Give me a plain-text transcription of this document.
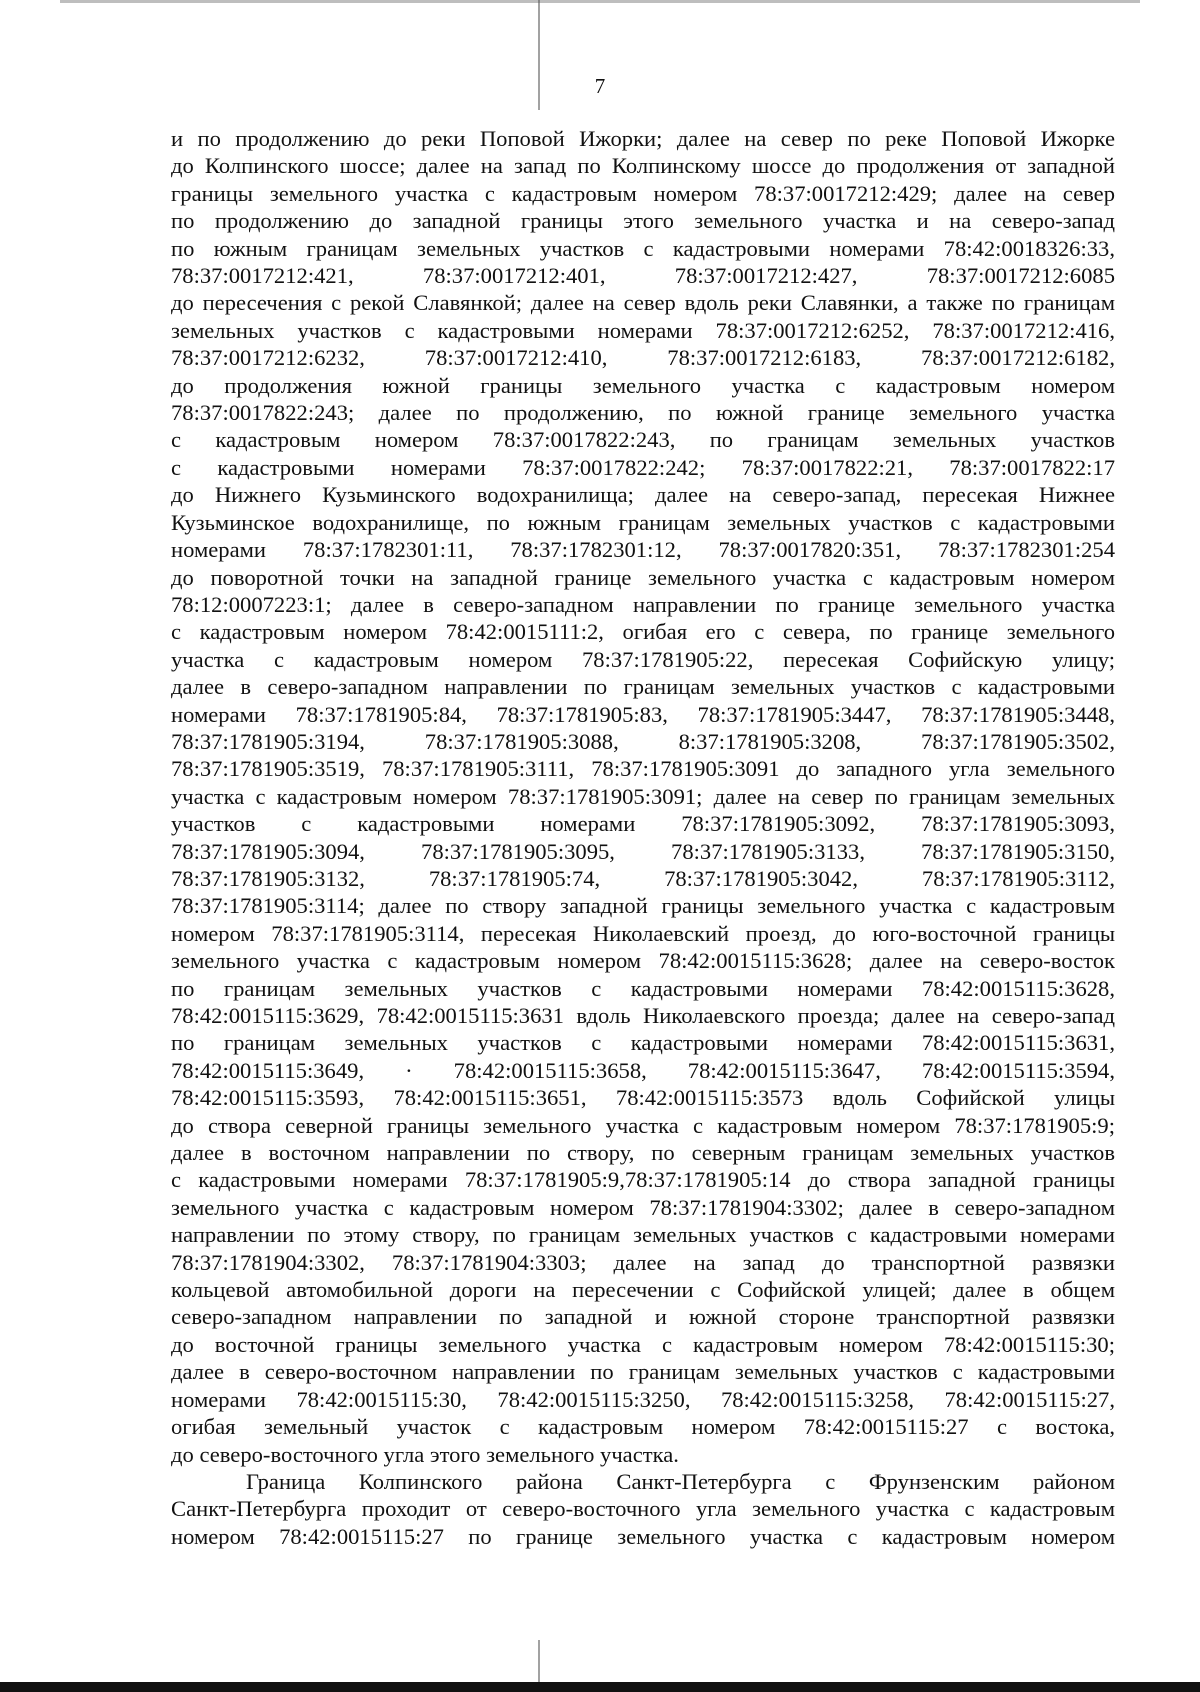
7
и по продолжению до реки Поповой Ижорки; далее на север по реке Поповой Ижорке
до Колпинского шоссе; далее на запад по Колпинскому шоссе до продолжения от западной
границы земельного участка с кадастровым номером 78:37:0017212:429; далее на север
по продолжению до западной границы этого земельного участка и на северо-запад
по южным границам земельных участков с кадастровыми номерами 78:42:0018326:33,
78:37:0017212:421, 78:37:0017212:401, 78:37:0017212:427, 78:37:0017212:6085
до пересечения с рекой Славянкой; далее на север вдоль реки Славянки, а также по границам
земельных участков с кадастровыми номерами 78:37:0017212:6252, 78:37:0017212:416,
78:37:0017212:6232, 78:37:0017212:410, 78:37:0017212:6183, 78:37:0017212:6182,
до продолжения южной границы земельного участка с кадастровым номером
78:37:0017822:243; далее по продолжению, по южной границе земельного участка
с кадастровым номером 78:37:0017822:243, по границам земельных участков
с кадастровыми номерами 78:37:0017822:242; 78:37:0017822:21, 78:37:0017822:17
до Нижнего Кузьминского водохранилища; далее на северо-запад, пересекая Нижнее
Кузьминское водохранилище, по южным границам земельных участков с кадастровыми
номерами 78:37:1782301:11, 78:37:1782301:12, 78:37:0017820:351, 78:37:1782301:254
до поворотной точки на западной границе земельного участка с кадастровым номером
78:12:0007223:1; далее в северо-западном направлении по границе земельного участка
с кадастровым номером 78:42:0015111:2, огибая его с севера, по границе земельного
участка с кадастровым номером 78:37:1781905:22, пересекая Софийскую улицу;
далее в северо-западном направлении по границам земельных участков с кадастровыми
номерами 78:37:1781905:84, 78:37:1781905:83, 78:37:1781905:3447, 78:37:1781905:3448,
78:37:1781905:3194, 78:37:1781905:3088, 8:37:1781905:3208, 78:37:1781905:3502,
78:37:1781905:3519, 78:37:1781905:3111, 78:37:1781905:3091 до западного угла земельного
участка с кадастровым номером 78:37:1781905:3091; далее на север по границам земельных
участков с кадастровыми номерами 78:37:1781905:3092, 78:37:1781905:3093,
78:37:1781905:3094, 78:37:1781905:3095, 78:37:1781905:3133, 78:37:1781905:3150,
78:37:1781905:3132, 78:37:1781905:74, 78:37:1781905:3042, 78:37:1781905:3112,
78:37:1781905:3114; далее по створу западной границы земельного участка с кадастровым
номером 78:37:1781905:3114, пересекая Николаевский проезд, до юго-восточной границы
земельного участка с кадастровым номером 78:42:0015115:3628; далее на северо-восток
по границам земельных участков с кадастровыми номерами 78:42:0015115:3628,
78:42:0015115:3629, 78:42:0015115:3631 вдоль Николаевского проезда; далее на северо-запад
по границам земельных участков с кадастровыми номерами 78:42:0015115:3631,
78:42:0015115:3649, · 78:42:0015115:3658, 78:42:0015115:3647, 78:42:0015115:3594,
78:42:0015115:3593, 78:42:0015115:3651, 78:42:0015115:3573 вдоль Софийской улицы
до створа северной границы земельного участка с кадастровым номером 78:37:1781905:9;
далее в восточном направлении по створу, по северным границам земельных участков
с кадастровыми номерами 78:37:1781905:9,78:37:1781905:14 до створа западной границы
земельного участка с кадастровым номером 78:37:1781904:3302; далее в северо-западном
направлении по этому створу, по границам земельных участков с кадастровыми номерами
78:37:1781904:3302, 78:37:1781904:3303; далее на запад до транспортной развязки
кольцевой автомобильной дороги на пересечении с Софийской улицей; далее в общем
северо-западном направлении по западной и южной стороне транспортной развязки
до восточной границы земельного участка с кадастровым номером 78:42:0015115:30;
далее в северо-восточном направлении по границам земельных участков с кадастровыми
номерами 78:42:0015115:30, 78:42:0015115:3250, 78:42:0015115:3258, 78:42:0015115:27,
огибая земельный участок с кадастровым номером 78:42:0015115:27 с востока,
до северо-восточного угла этого земельного участка.
Граница Колпинского района Санкт-Петербурга с Фрунзенским районом
Санкт-Петербурга проходит от северо-восточного угла земельного участка с кадастровым
номером 78:42:0015115:27 по границе земельного участка с кадастровым номером
